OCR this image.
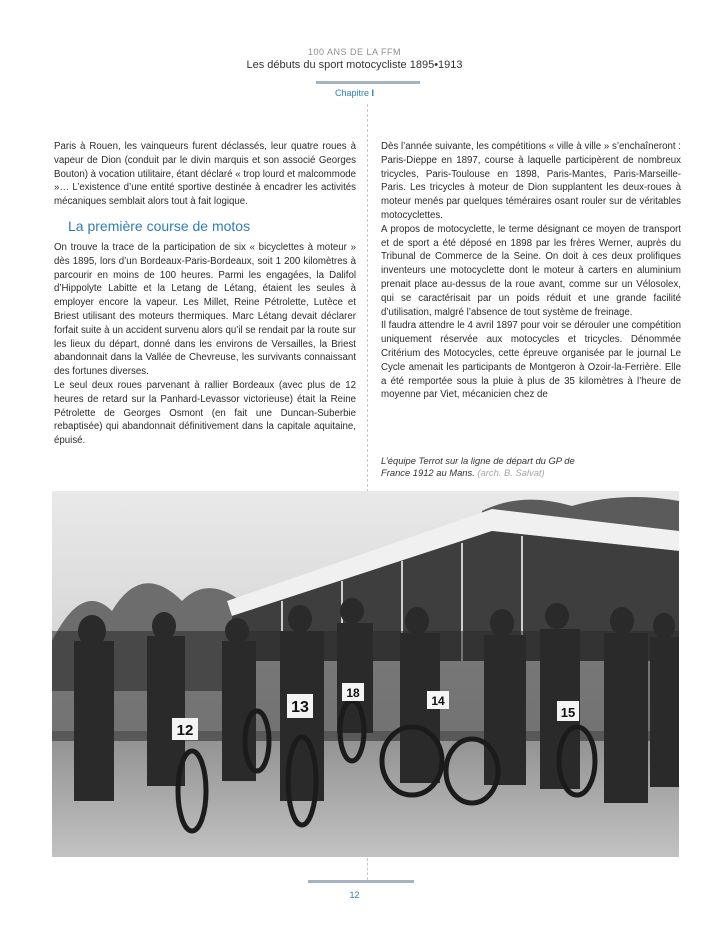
100 ANS DE LA FFM
Les débuts du sport motocycliste 1895•1913
Chapitre I

Paris à Rouen, les vainqueurs furent déclassés, leur quatre roues à vapeur de Dion (conduit par le divin marquis et son associé Georges Bouton) à vocation utilitaire, étant déclaré « trop lourd et malcommode »… L’existence d’une entité sportive destinée à encadrer les activités mécaniques semblait alors tout à fait logique.

La première course de motos

On trouve la trace de la participation de six « bicyclettes à moteur » dès 1895, lors d’un Bordeaux-Paris-Bordeaux, soit 1 200 kilomètres à parcourir en moins de 100 heures. Parmi les engagées, la Dalifol d’Hippolyte Labitte et la Letang de Létang, étaient les seules à employer encore la vapeur. Les Millet, Reine Pétrolette, Lutèce et Briest utilisant des moteurs thermiques. Marc Létang devait déclarer forfait suite à un accident survenu alors qu’il se rendait par la route sur les lieux du départ, donné dans les environs de Versailles, la Briest abandonnait dans la Vallée de Chevreuse, les survivants connaissant des fortunes diverses.

Le seul deux roues parvenant à rallier Bordeaux (avec plus de 12 heures de retard sur la Panhard-Levassor victorieuse) était la Reine Pétrolette de Georges Osmont (en fait une Duncan-Suberbie rebaptisée) qui abandonnait définitivement dans la capitale aquitaine, épuisé.

Dès l’année suivante, les compétitions « ville à ville » s’enchaîneront : Paris-Dieppe en 1897, course à laquelle participèrent de nombreux tricycles, Paris-Toulouse en 1898, Paris-Mantes, Paris-Marseille-Paris. Les tricycles à moteur de Dion supplantent les deux-roues à moteur menés par quelques téméraires osant rouler sur de véritables motocyclettes.

A propos de motocyclette, le terme désignant ce moyen de transport et de sport a été déposé en 1898 par les frères Werner, auprès du Tribunal de Commerce de la Seine. On doit à ces deux prolifiques inventeurs une motocyclette dont le moteur à carters en aluminium prenait place au-dessus de la roue avant, comme sur un Vélosolex, qui se caractérisait par un poids réduit et une grande facilité d’utilisation, malgré l’absence de tout système de freinage.

Il faudra attendre le 4 avril 1897 pour voir se dérouler une compétition uniquement réservée aux motocycles et tricycles. Dénommée Critérium des Motocycles, cette épreuve organisée par le journal Le Cycle amenait les participants de Montgeron à Ozoir-la-Ferrière. Elle a été remportée sous la pluie à plus de 35 kilomètres à l’heure de moyenne par Viet, mécanicien chez de

L’équipe Terrot sur la ligne de départ du GP de France 1912 au Mans. (arch. B. Salvat)
12
13
18
14
15
12
